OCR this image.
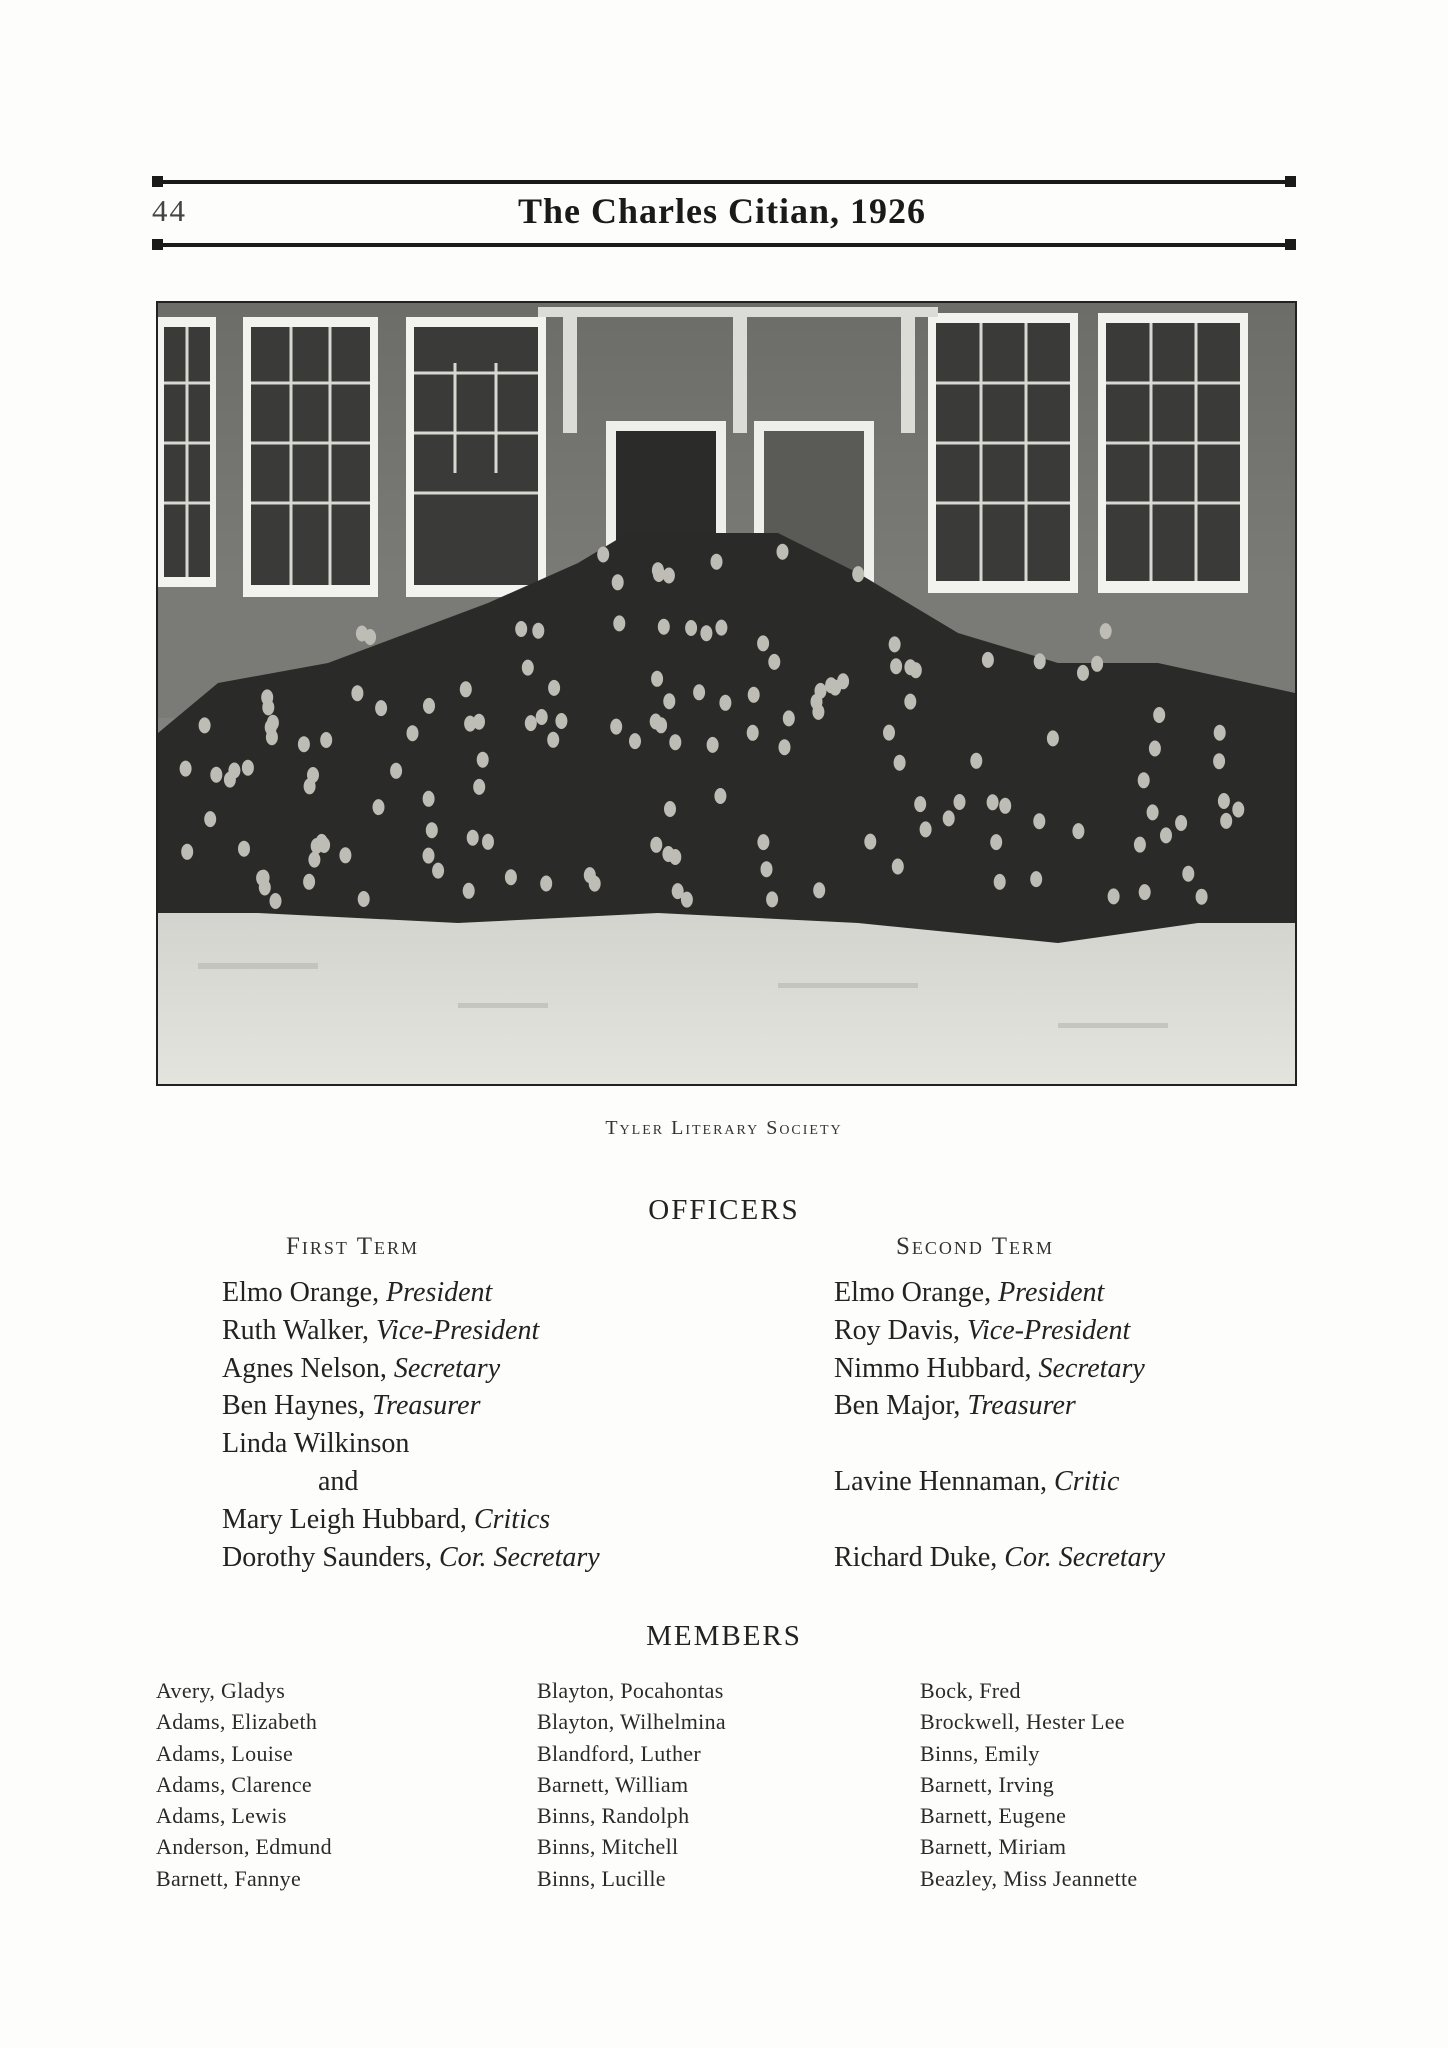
44	The Charles Citian, 1926
Tyler Literary Society
OFFICERS
First Term	Second Term
Elmo Orange, President
Ruth Walker, Vice-President
Agnes Nelson, Secretary
Ben Haynes, Treasurer
Linda Wilkinson
and
Mary Leigh Hubbard, Critics
Dorothy Saunders, Cor. Secretary
Elmo Orange, President
Roy Davis, Vice-President
Nimmo Hubbard, Secretary
Ben Major, Treasurer
Lavine Hennaman, Critic
Richard Duke, Cor. Secretary
MEMBERS
Avery, Gladys
Adams, Elizabeth
Adams, Louise
Adams, Clarence
Adams, Lewis
Anderson, Edmund
Barnett, Fannye
Blayton, Pocahontas
Blayton, Wilhelmina
Blandford, Luther
Barnett, William
Binns, Randolph
Binns, Mitchell
Binns, Lucille
Bock, Fred
Brockwell, Hester Lee
Binns, Emily
Barnett, Irving
Barnett, Eugene
Barnett, Miriam
Beazley, Miss Jeannette
